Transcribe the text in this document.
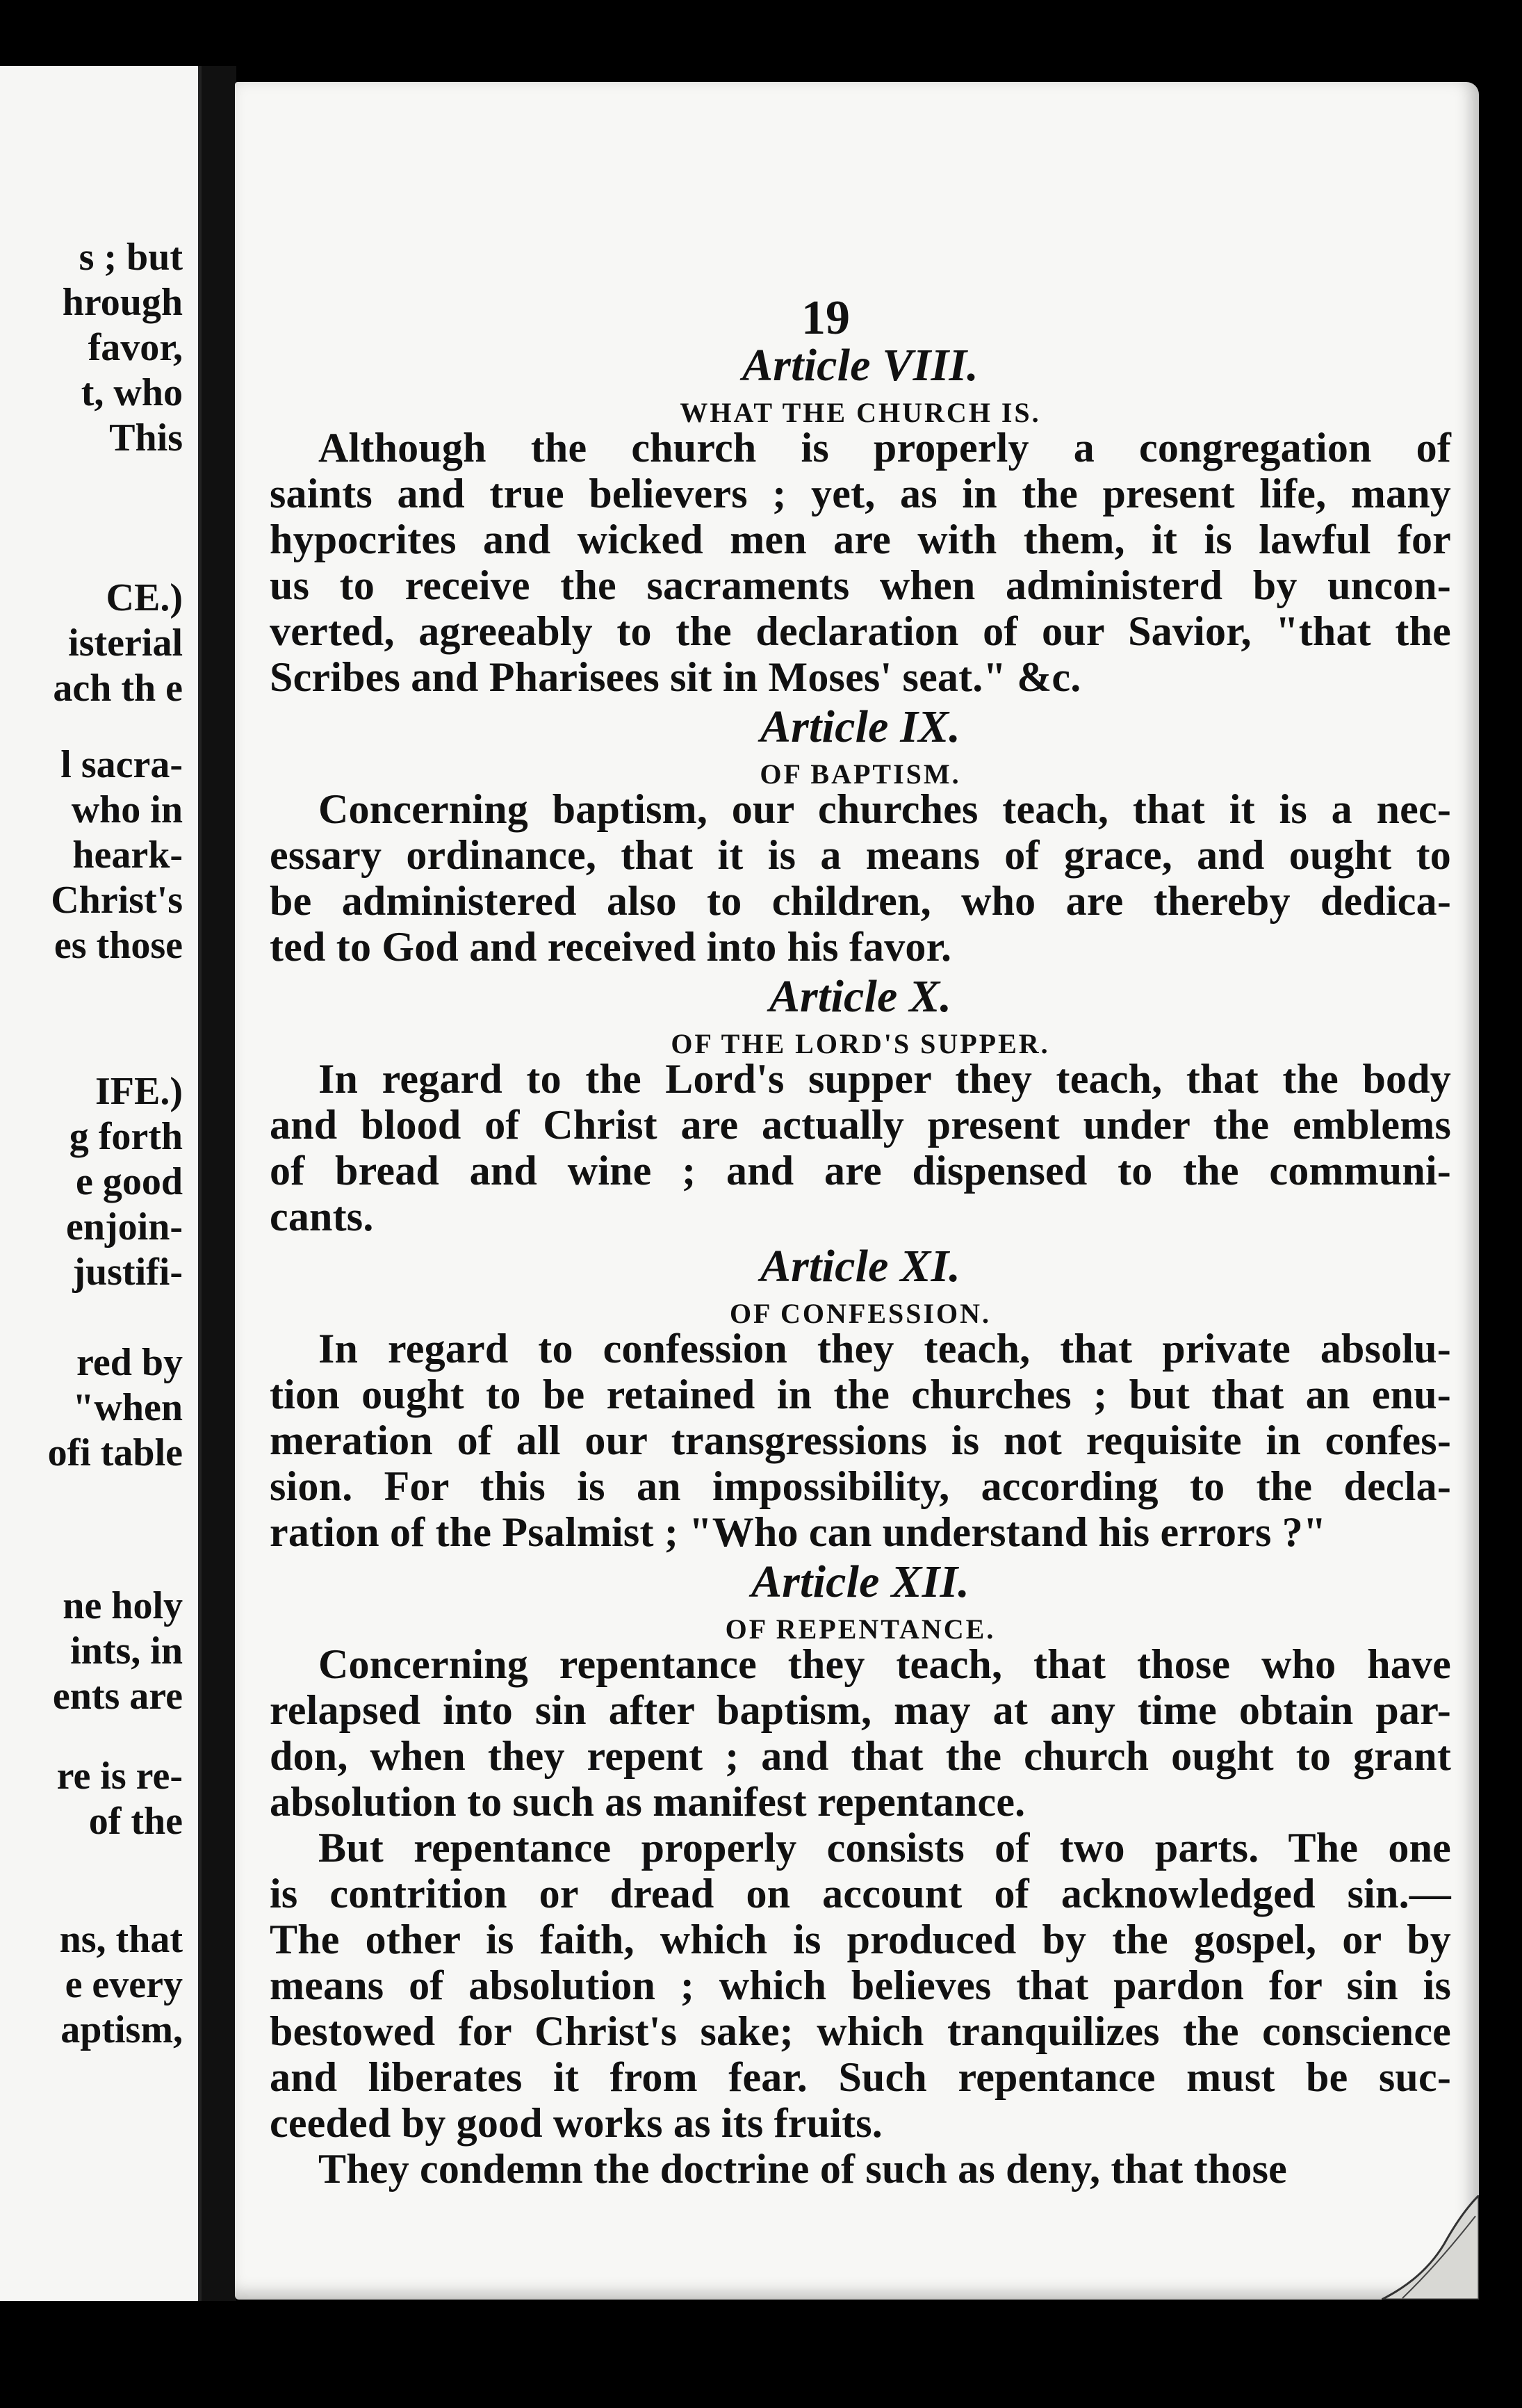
s ; but
hrough
favor,
t, who
This
CE.)
isterial
ach th e
l sacra-
who in
heark-
Christ's
es those
IFE.)
g forth
e good
enjoin-
justifi-
red by
"when
ofi table
ne holy
ints, in
ents are
re is re-
of the
ns, that
e every
aptism,
19
Article VIII.
WHAT THE CHURCH IS.
Although the church is properly a congregation of
saints and true believers ; yet, as in the present life, many
hypocrites and wicked men are with them, it is lawful for
us to receive the sacraments when administerd by uncon-
verted, agreeably to the declaration of our Savior, "that the
Scribes and Pharisees sit in Moses' seat." &c.
Article IX.
OF BAPTISM.
Concerning baptism, our churches teach, that it is a nec-
essary ordinance, that it is a means of grace, and ought to
be administered also to children, who are thereby dedica-
ted to God and received into his favor.
Article X.
OF THE LORD'S SUPPER.
In regard to the Lord's supper they teach, that the body
and blood of Christ are actually present under the emblems
of bread and wine ; and are dispensed to the communi-
cants.
Article XI.
OF CONFESSION.
In regard to confession they teach, that private absolu-
tion ought to be retained in the churches ; but that an enu-
meration of all our transgressions is not requisite in confes-
sion. For this is an impossibility, according to the decla-
ration of the Psalmist ; "Who can understand his errors ?"
Article XII.
OF REPENTANCE.
Concerning repentance they teach, that those who have
relapsed into sin after baptism, may at any time obtain par-
don, when they repent ; and that the church ought to grant
absolution to such as manifest repentance.
But repentance properly consists of two parts. The one
is contrition or dread on account of acknowledged sin.—
The other is faith, which is produced by the gospel, or by
means of absolution ; which believes that pardon for sin is
bestowed for Christ's sake; which tranquilizes the conscience
and liberates it from fear. Such repentance must be suc-
ceeded by good works as its fruits.
They condemn the doctrine of such as deny, that those
